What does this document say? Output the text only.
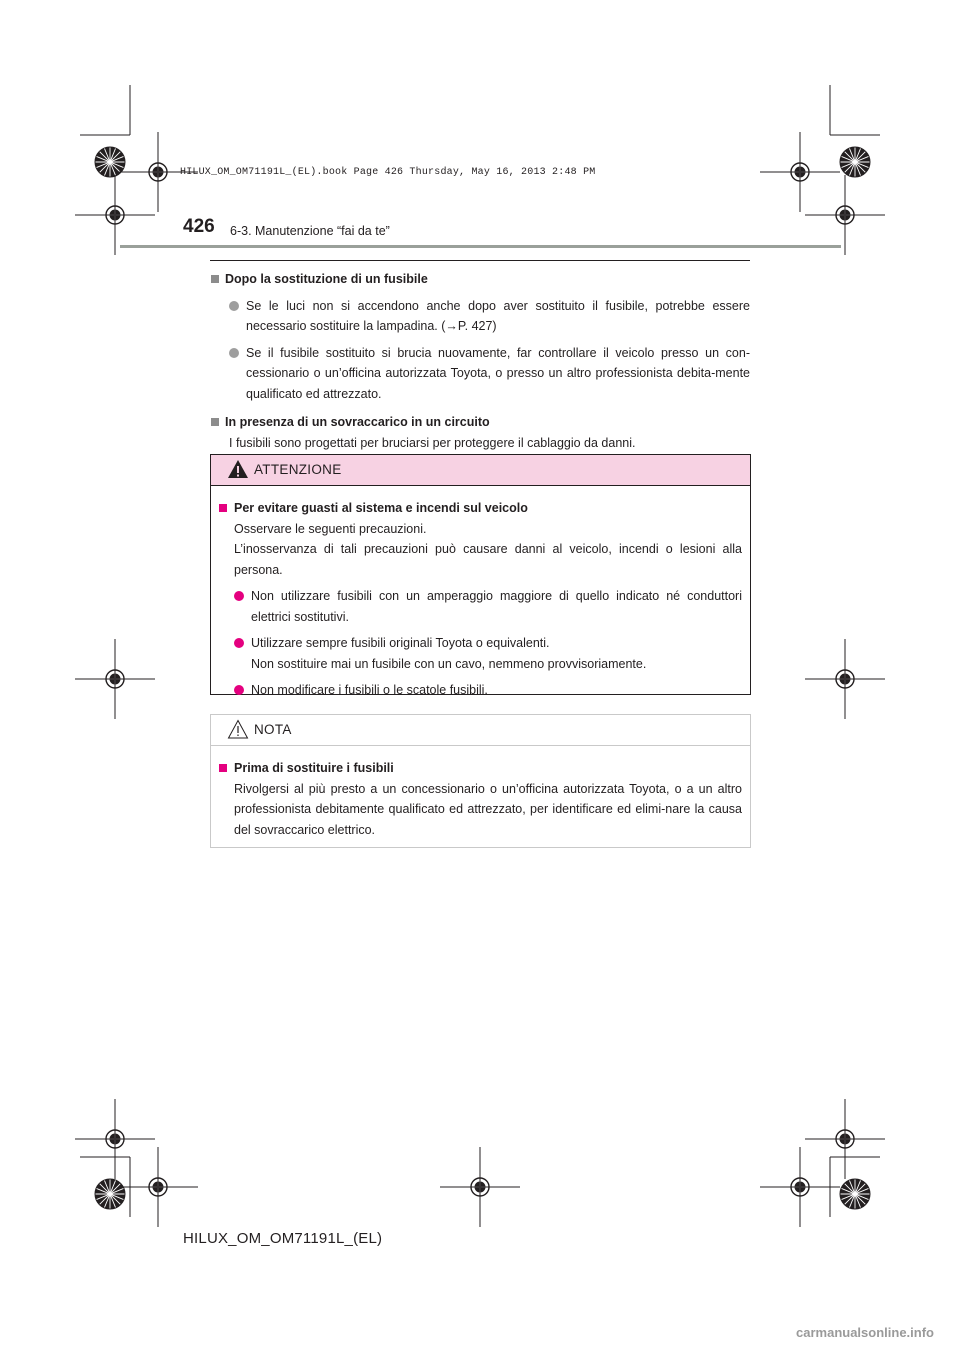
HILUX_OM_OM71191L_(EL).book Page 426 Thursday, May 16, 2013 2:48 PM
426 6-3. Manutenzione “fai da te”
Dopo la sostituzione di un fusibile
Se le luci non si accendono anche dopo aver sostituito il fusibile, potrebbe essere necessario sostituire la lampadina. (→P. 427)
Se il fusibile sostituito si brucia nuovamente, far controllare il veicolo presso un con-cessionario o un’officina autorizzata Toyota, o presso un altro professionista debita-mente qualificato ed attrezzato.
In presenza di un sovraccarico in un circuito
I fusibili sono progettati per bruciarsi per proteggere il cablaggio da danni.
ATTENZIONE
Per evitare guasti al sistema e incendi sul veicolo
Osservare le seguenti precauzioni.
L’inosservanza di tali precauzioni può causare danni al veicolo, incendi o lesioni alla persona.
Non utilizzare fusibili con un amperaggio maggiore di quello indicato né conduttori elettrici sostitutivi.
Utilizzare sempre fusibili originali Toyota o equivalenti.
Non sostituire mai un fusibile con un cavo, nemmeno provvisoriamente.
Non modificare i fusibili o le scatole fusibili.
NOTA
Prima di sostituire i fusibili
Rivolgersi al più presto a un concessionario o un’officina autorizzata Toyota, o a un altro professionista debitamente qualificato ed attrezzato, per identificare ed elimi-nare la causa del sovraccarico elettrico.
HILUX_OM_OM71191L_(EL)
carmanualsonline.info
